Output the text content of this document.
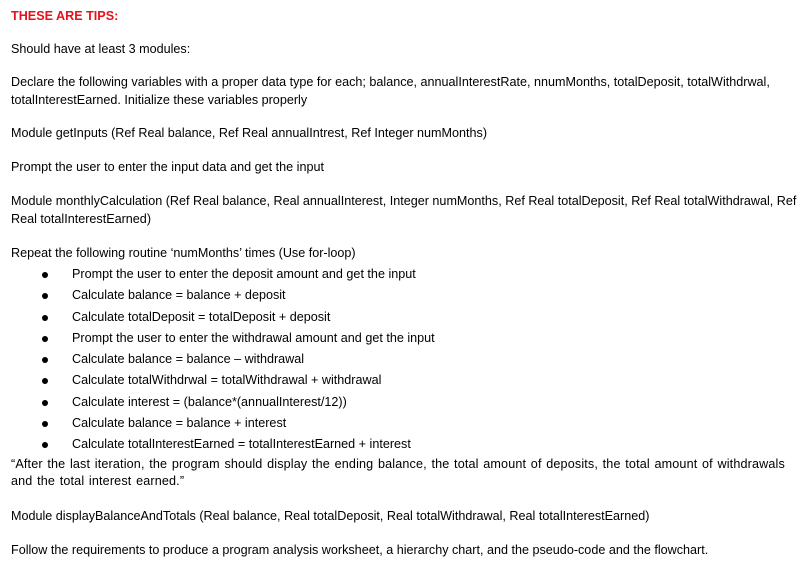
THESE ARE TIPS:

Should have at least 3 modules:

Declare the following variables with a proper data type for each; balance, annualInterestRate, nnumMonths, totalDeposit, totalWithdrwal, totalInterestEarned. Initialize these variables properly

Module getInputs (Ref Real balance, Ref Real annualIntrest, Ref Integer numMonths)

Prompt the user to enter the input data and get the input

Module monthlyCalculation (Ref Real balance, Real annualInterest, Integer numMonths, Ref Real totalDeposit, Ref Real totalWithdrawal, Ref Real totalInterestEarned)

Repeat the following routine ‘numMonths’ times (Use for-loop)

Prompt the user to enter the deposit amount and get the input
Calculate balance = balance + deposit
Calculate totalDeposit = totalDeposit + deposit
Prompt the user to enter the withdrawal amount and get the input
Calculate balance = balance – withdrawal
Calculate totalWithdrwal = totalWithdrawal + withdrawal
Calculate interest = (balance*(annualInterest/12))
Calculate balance = balance + interest
Calculate totalInterestEarned = totalInterestEarned + interest

“After the last iteration, the program should display the ending balance, the total amount of deposits, the total amount of withdrawals and the total interest earned.”

Module displayBalanceAndTotals (Real balance, Real totalDeposit, Real totalWithdrawal, Real totalInterestEarned)

Follow the requirements to produce a program analysis worksheet, a hierarchy chart, and the pseudo-code and the flowchart.
